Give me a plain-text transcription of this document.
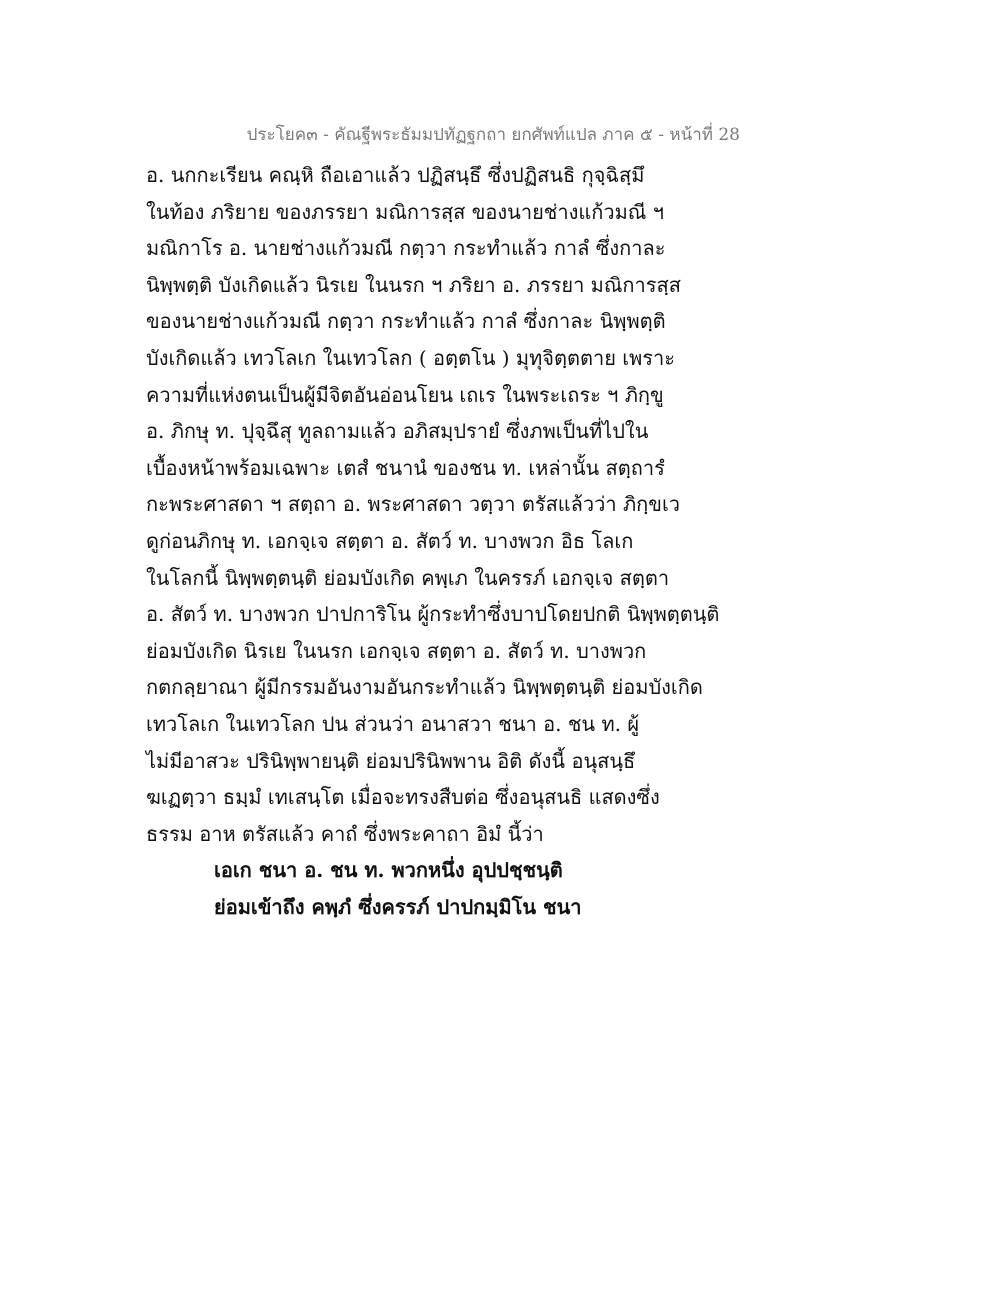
ประโยค๓ - คัณฐีพระธัมมปทัฏฐกถา ยกศัพท์แปล ภาค ๕ - หน้าที่ 28
อ. นกกะเรียน คณฺหิ ถือเอาแล้ว ปฏิสนฺธึ ซึ่งปฏิสนธิ กุจฺฉิสฺมึ
ในท้อง ภริยาย ของภรรยา มณิการสฺส ของนายช่างแก้วมณี ฯ
มณิกาโร อ. นายช่างแก้วมณี กตฺวา กระทำแล้ว กาลํ ซึ่งกาละ
นิพฺพตฺติ บังเกิดแล้ว นิรเย ในนรก ฯ ภริยา อ. ภรรยา มณิการสฺส
ของนายช่างแก้วมณี กตฺวา กระทำแล้ว กาลํ ซึ่งกาละ นิพฺพตฺติ
บังเกิดแล้ว เทวโลเก ในเทวโลก ( อตฺตโน ) มุทุจิตฺตตาย เพราะ
ความที่แห่งตนเป็นผู้มีจิตอันอ่อนโยน เถเร ในพระเถระ ฯ ภิกฺขู
อ. ภิกษุ ท. ปุจฺฉึสุ ทูลถามแล้ว อภิสมฺปรายํ ซึ่งภพเป็นที่ไปใน
เบื้องหน้าพร้อมเฉพาะ เตสํ ชนานํ ของชน ท. เหล่านั้น สตฺถารํ
กะพระศาสดา ฯ สตฺถา อ. พระศาสดา วตฺวา ตรัสแล้วว่า ภิกฺขเว
ดูก่อนภิกษุ ท. เอกจฺเจ สตฺตา อ. สัตว์ ท. บางพวก อิธ โลเก
ในโลกนี้ นิพฺพตฺตนฺติ ย่อมบังเกิด คพฺเภ ในครรภ์ เอกจฺเจ สตฺตา
อ. สัตว์ ท. บางพวก ปาปการิโน ผู้กระทำซึ่งบาปโดยปกติ นิพฺพตฺตนฺติ
ย่อมบังเกิด นิรเย ในนรก เอกจฺเจ สตฺตา อ. สัตว์ ท. บางพวก
กตกลฺยาณา ผู้มีกรรมอันงามอันกระทำแล้ว นิพฺพตฺตนฺติ ย่อมบังเกิด
เทวโลเก ในเทวโลก ปน ส่วนว่า อนาสวา ชนา อ. ชน ท. ผู้
ไม่มีอาสวะ ปรินิพฺพายนฺติ ย่อมปรินิพพาน อิติ ดังนี้ อนุสนฺธึ
ฆเฏตฺวา ธมฺมํ เทเสนฺโต เมื่อจะทรงสืบต่อ ซึ่งอนุสนธิ แสดงซึ่ง
ธรรม อาห ตรัสแล้ว คาถํ ซึ่งพระคาถา อิมํ นี้ว่า
เอเก ชนา อ. ชน ท. พวกหนึ่ง อุปปชฺชนฺติ
ย่อมเข้าถึง คพฺภํ ซึ่งครรภ์ ปาปกมฺมิโน ชนา
